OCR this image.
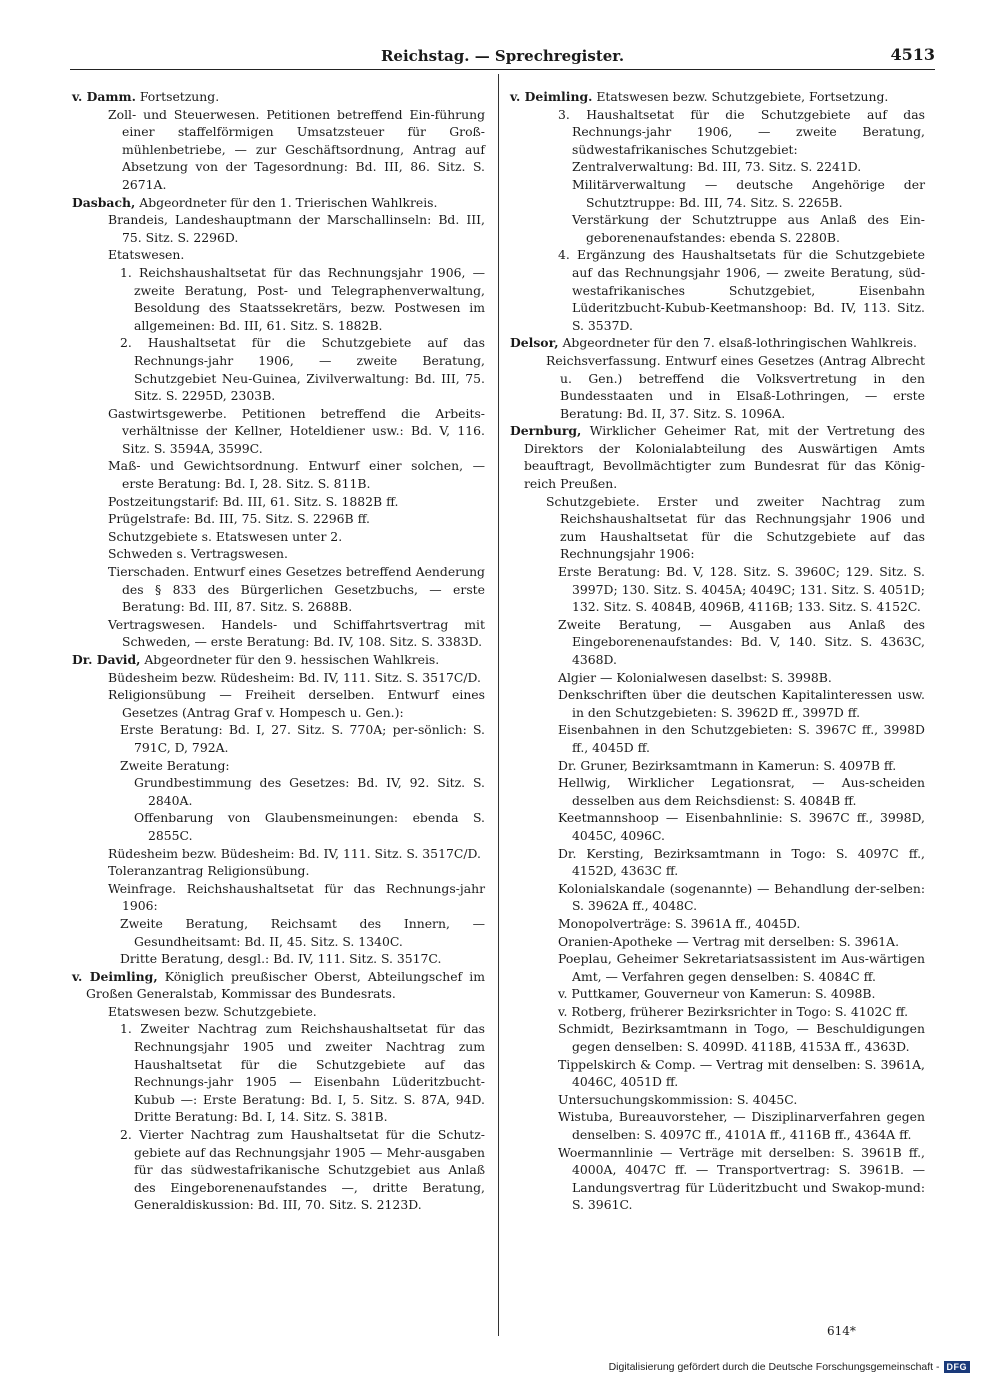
Reichstag. — Sprechregister.	4513
v. Damm. Fortsetzung.
Zoll- und Steuerwesen. Petitionen betreffend Ein-führung einer staffelförmigen Umsatzsteuer für Groß-mühlenbetriebe, — zur Geschäftsordnung, Antrag auf Absetzung von der Tagesordnung: Bd. III, 86. Sitz. S. 2671A.
Dasbach, Abgeordneter für den 1. Trierischen Wahlkreis.
Brandeis, Landeshauptmann der Marschallinseln: Bd. III, 75. Sitz. S. 2296D.
Etatswesen.
1. Reichshaushaltsetat für das Rechnungsjahr 1906, — zweite Beratung, Post- und Telegraphenverwaltung, Besoldung des Staatssekretärs, bezw. Postwesen im allgemeinen: Bd. III, 61. Sitz. S. 1882B.
2. Haushaltsetat für die Schutzgebiete auf das Rechnungs-jahr 1906, — zweite Beratung, Schutzgebiet Neu-Guinea, Zivilverwaltung: Bd. III, 75. Sitz. S. 2295D, 2303B.
Gastwirtsgewerbe. Petitionen betreffend die Arbeits-verhältnisse der Kellner, Hoteldiener usw.: Bd. V, 116. Sitz. S. 3594A, 3599C.
Maß- und Gewichtsordnung. Entwurf einer solchen, — erste Beratung: Bd. I, 28. Sitz. S. 811B.
Postzeitungstarif: Bd. III, 61. Sitz. S. 1882B ff.
Prügelstrafe: Bd. III, 75. Sitz. S. 2296B ff.
Schutzgebiete s. Etatswesen unter 2.
Schweden s. Vertragswesen.
Tierschaden. Entwurf eines Gesetzes betreffend Aenderung des § 833 des Bürgerlichen Gesetzbuchs, — erste Beratung: Bd. III, 87. Sitz. S. 2688B.
Vertragswesen. Handels- und Schiffahrtsvertrag mit Schweden, — erste Beratung: Bd. IV, 108. Sitz. S. 3383D.
Dr. David, Abgeordneter für den 9. hessischen Wahlkreis.
Büdesheim bezw. Rüdesheim: Bd. IV, 111. Sitz. S. 3517C/D.
Religionsübung — Freiheit derselben. Entwurf eines Gesetzes (Antrag Graf v. Hompesch u. Gen.):
Erste Beratung: Bd. I, 27. Sitz. S. 770A; per-sönlich: S. 791C, D, 792A.
Zweite Beratung:
Grundbestimmung des Gesetzes: Bd. IV, 92. Sitz. S. 2840A.
Offenbarung von Glaubensmeinungen: ebenda S. 2855C.
Rüdesheim bezw. Büdesheim: Bd. IV, 111. Sitz. S. 3517C/D.
Toleranzantrag Religionsübung.
Weinfrage. Reichshaushaltsetat für das Rechnungs-jahr 1906:
Zweite Beratung, Reichsamt des Innern, — Gesundheitsamt: Bd. II, 45. Sitz. S. 1340C.
Dritte Beratung, desgl.: Bd. IV, 111. Sitz. S. 3517C.
v. Deimling, Königlich preußischer Oberst, Abteilungschef im Großen Generalstab, Kommissar des Bundesrats.
Etatswesen bezw. Schutzgebiete.
1. Zweiter Nachtrag zum Reichshaushaltsetat für das Rechnungsjahr 1905 und zweiter Nachtrag zum Haushaltsetat für die Schutzgebiete auf das Rechnungs-jahr 1905 — Eisenbahn Lüderitzbucht-Kubub —: Erste Beratung: Bd. I, 5. Sitz. S. 87A, 94D. Dritte Beratung: Bd. I, 14. Sitz. S. 381B.
2. Vierter Nachtrag zum Haushaltsetat für die Schutz-gebiete auf das Rechnungsjahr 1905 — Mehr-ausgaben für das südwestafrikanische Schutzgebiet aus Anlaß des Eingeborenenaufstandes —, dritte Beratung, Generaldiskussion: Bd. III, 70. Sitz. S. 2123D.
v. Deimling. Etatswesen bezw. Schutzgebiete, Fortsetzung.
3. Haushaltsetat für die Schutzgebiete auf das Rechnungs-jahr 1906, — zweite Beratung, südwestafrikanisches Schutzgebiet:
Zentralverwaltung: Bd. III, 73. Sitz. S. 2241D.
Militärverwaltung — deutsche Angehörige der Schutztruppe: Bd. III, 74. Sitz. S. 2265B.
Verstärkung der Schutztruppe aus Anlaß des Ein-geborenenaufstandes: ebenda S. 2280B.
4. Ergänzung des Haushaltsetats für die Schutzgebiete auf das Rechnungsjahr 1906, — zweite Beratung, süd-westafrikanisches Schutzgebiet, Eisenbahn Lüderitzbucht-Kubub-Keetmanshoop: Bd. IV, 113. Sitz. S. 3537D.
Delsor, Abgeordneter für den 7. elsaß-lothringischen Wahlkreis.
Reichsverfassung. Entwurf eines Gesetzes (Antrag Albrecht u. Gen.) betreffend die Volksvertretung in den Bundesstaaten und in Elsaß-Lothringen, — erste Beratung: Bd. II, 37. Sitz. S. 1096A.
Dernburg, Wirklicher Geheimer Rat, mit der Vertretung des Direktors der Kolonialabteilung des Auswärtigen Amts beauftragt, Bevollmächtigter zum Bundesrat für das König-reich Preußen.
Schutzgebiete. Erster und zweiter Nachtrag zum Reichshaushaltsetat für das Rechnungsjahr 1906 und zum Haushaltsetat für die Schutzgebiete auf das Rechnungsjahr 1906:
Erste Beratung: Bd. V, 128. Sitz. S. 3960C; 129. Sitz. S. 3997D; 130. Sitz. S. 4045A; 4049C; 131. Sitz. S. 4051D; 132. Sitz. S. 4084B, 4096B, 4116B; 133. Sitz. S. 4152C.
Zweite Beratung, — Ausgaben aus Anlaß des Eingeborenenaufstandes: Bd. V, 140. Sitz. S. 4363C, 4368D.
Algier — Kolonialwesen daselbst: S. 3998B.
Denkschriften über die deutschen Kapitalinteressen usw. in den Schutzgebieten: S. 3962D ff., 3997D ff.
Eisenbahnen in den Schutzgebieten: S. 3967C ff., 3998D ff., 4045D ff.
Dr. Gruner, Bezirksamtmann in Kamerun: S. 4097B ff.
Hellwig, Wirklicher Legationsrat, — Aus-scheiden desselben aus dem Reichsdienst: S. 4084B ff.
Keetmannshoop — Eisenbahnlinie: S. 3967C ff., 3998D, 4045C, 4096C.
Dr. Kersting, Bezirksamtmann in Togo: S. 4097C ff., 4152D, 4363C ff.
Kolonialskandale (sogenannte) — Behandlung der-selben: S. 3962A ff., 4048C.
Monopolverträge: S. 3961A ff., 4045D.
Oranien-Apotheke — Vertrag mit derselben: S. 3961A.
Poeplau, Geheimer Sekretariatsassistent im Aus-wärtigen Amt, — Verfahren gegen denselben: S. 4084C ff.
v. Puttkamer, Gouverneur von Kamerun: S. 4098B.
v. Rotberg, früherer Bezirksrichter in Togo: S. 4102C ff.
Schmidt, Bezirksamtmann in Togo, — Beschuldigungen gegen denselben: S. 4099D. 4118B, 4153A ff., 4363D.
Tippelskirch & Comp. — Vertrag mit denselben: S. 3961A, 4046C, 4051D ff.
Untersuchungskommission: S. 4045C.
Wistuba, Bureauvorsteher, — Disziplinarverfahren gegen denselben: S. 4097C ff., 4101A ff., 4116B ff., 4364A ff.
Woermannlinie — Verträge mit derselben: S. 3961B ff., 4000A, 4047C ff. — Transportvertrag: S. 3961B. — Landungsvertrag für Lüderitzbucht und Swakop-mund: S. 3961C.
614*
Digitalisierung gefördert durch die Deutsche Forschungsgemeinschaft - DFG
